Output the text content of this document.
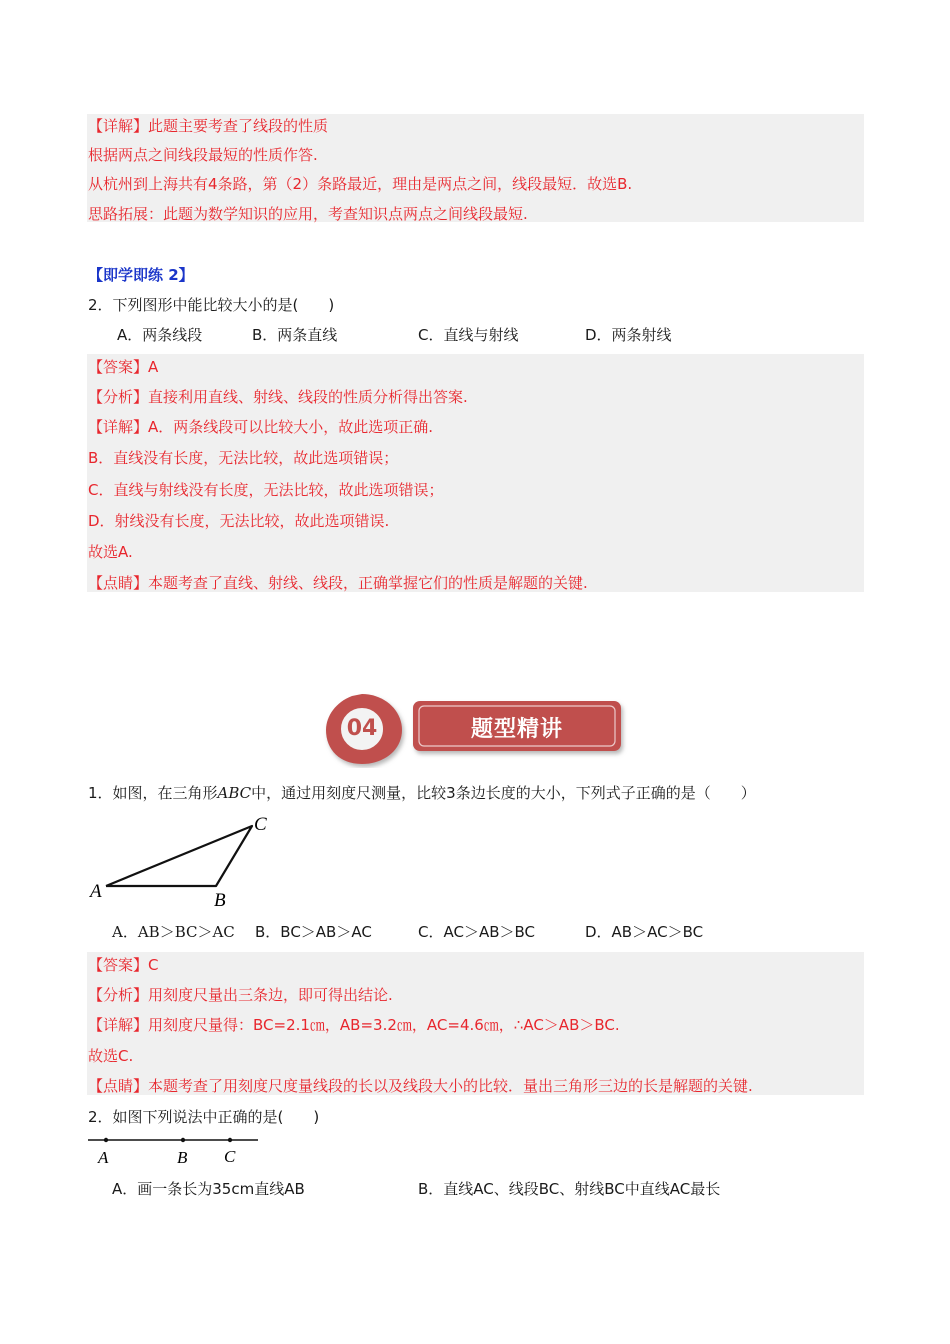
【详解】此题主要考查了线段的性质
根据两点之间线段最短的性质作答.
从杭州到上海共有4条路，第（2）条路最近，理由是两点之间，线段最短．故选B.
思路拓展：此题为数学知识的应用，考查知识点两点之间线段最短.
【即学即练 2】
2．下列图形中能比较大小的是(　　)
A．两条线段	B．两条直线	C．直线与射线	D．两条射线
【答案】A
【分析】直接利用直线、射线、线段的性质分析得出答案.
【详解】A．两条线段可以比较大小，故此选项正确.
B．直线没有长度，无法比较，故此选项错误；
C．直线与射线没有长度，无法比较，故此选项错误；
D．射线没有长度，无法比较，故此选项错误.
故选A.
【点睛】本题考查了直线、射线、线段，正确掌握它们的性质是解题的关键.
04	题型精讲
1．如图，在三角形ABC中，通过用刻度尺测量，比较3条边长度的大小，下列式子正确的是（　　）
A	B
C
A．AB＞BC＞AC B．BC＞AB＞AC	C．AC＞AB＞BC	D．AB＞AC＞BC
【答案】C
【分析】用刻度尺量出三条边，即可得出结论.
【详解】用刻度尺量得：BC=2.1㎝，AB=3.2㎝，AC=4.6㎝，∴AC＞AB＞BC.
故选C.
【点睛】本题考查了用刻度尺度量线段的长以及线段大小的比较．量出三角形三边的长是解题的关键.
2．如图下列说法中正确的是(　　)
A	B C
A．画一条长为35cm直线AB	B．直线AC、线段BC、射线BC中直线AC最长
